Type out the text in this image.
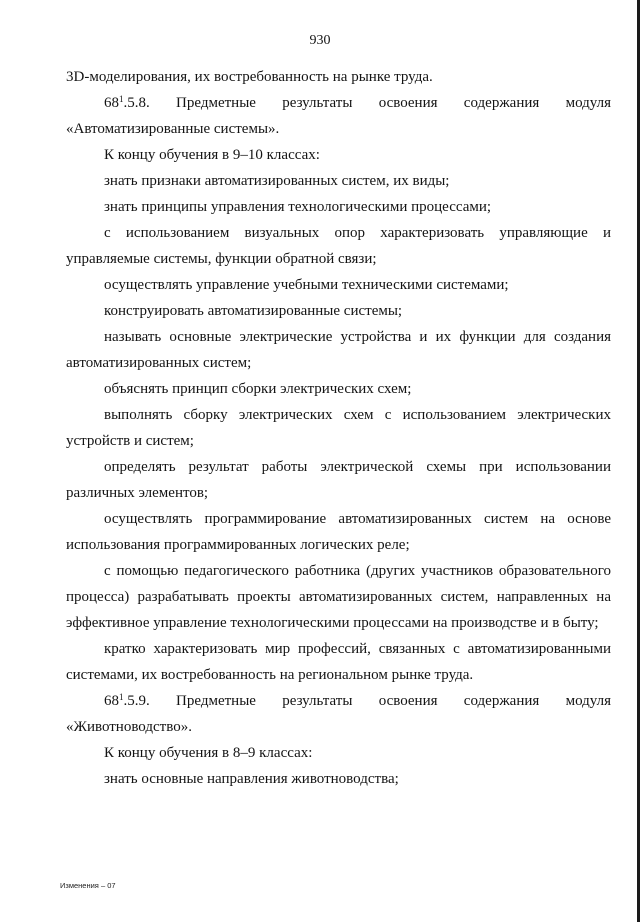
930

3D-моделирования, их востребованность на рынке труда.

$68^1.5.8$. Предметные результаты освоения содержания модуля «Автоматизированные системы».

К концу обучения в 9–10 классах:

знать признаки автоматизированных систем, их виды;

знать принципы управления технологическими процессами;

с использованием визуальных опор характеризовать управляющие и управляемые системы, функции обратной связи;

осуществлять управление учебными техническими системами;

конструировать автоматизированные системы;

называть основные электрические устройства и их функции для создания автоматизированных систем;

объяснять принцип сборки электрических схем;

выполнять сборку электрических схем с использованием электрических устройств и систем;

определять результат работы электрической схемы при использовании различных элементов;

осуществлять программирование автоматизированных систем на основе использования программированных логических реле;

с помощью педагогического работника (других участников образовательного процесса) разрабатывать проекты автоматизированных систем, направленных на эффективное управление технологическими процессами на производстве и в быту;

кратко характеризовать мир профессий, связанных с автоматизированными системами, их востребованность на региональном рынке труда.

$68^1.5.9$. Предметные результаты освоения содержания модуля «Животноводство».

К концу обучения в 8–9 классах:

знать основные направления животноводства;

Изменения – 07
